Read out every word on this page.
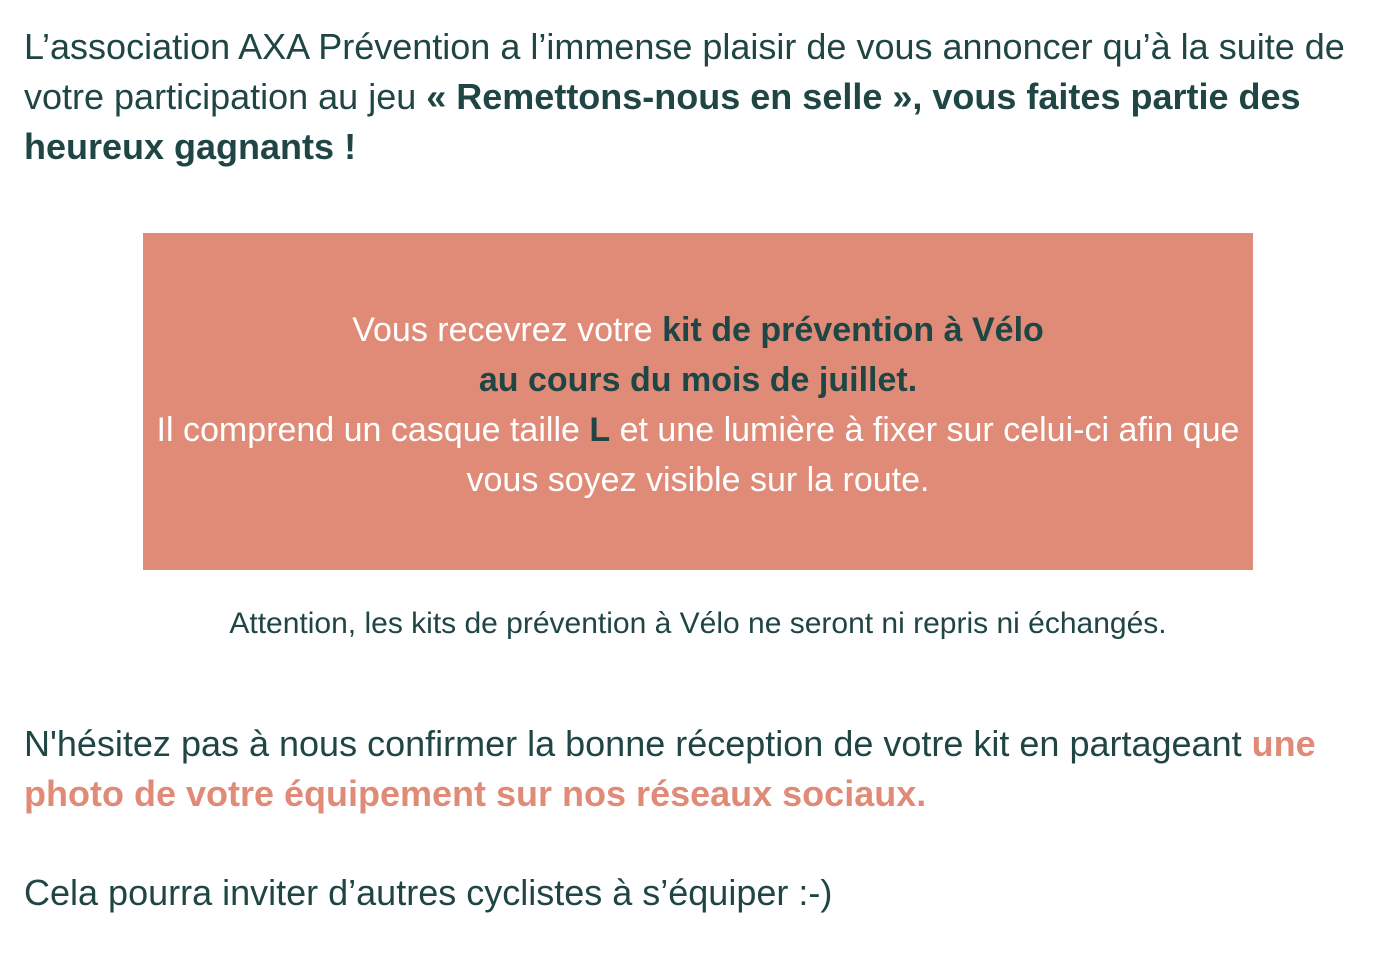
L’association AXA Prévention a l’immense plaisir de vous annoncer qu’à la suite de votre participation au jeu « Remettons-nous en selle », vous faites partie des heureux gagnants !

Vous recevrez votre kit de prévention à Vélo

au cours du mois de juillet.

Il comprend un casque taille L et une lumière à fixer sur celui-ci afin que vous soyez visible sur la route.

Attention, les kits de prévention à Vélo ne seront ni repris ni échangés.

N'hésitez pas à nous confirmer la bonne réception de votre kit en partageant une photo de votre équipement sur nos réseaux sociaux.

Cela pourra inviter d’autres cyclistes à s’équiper :-)
